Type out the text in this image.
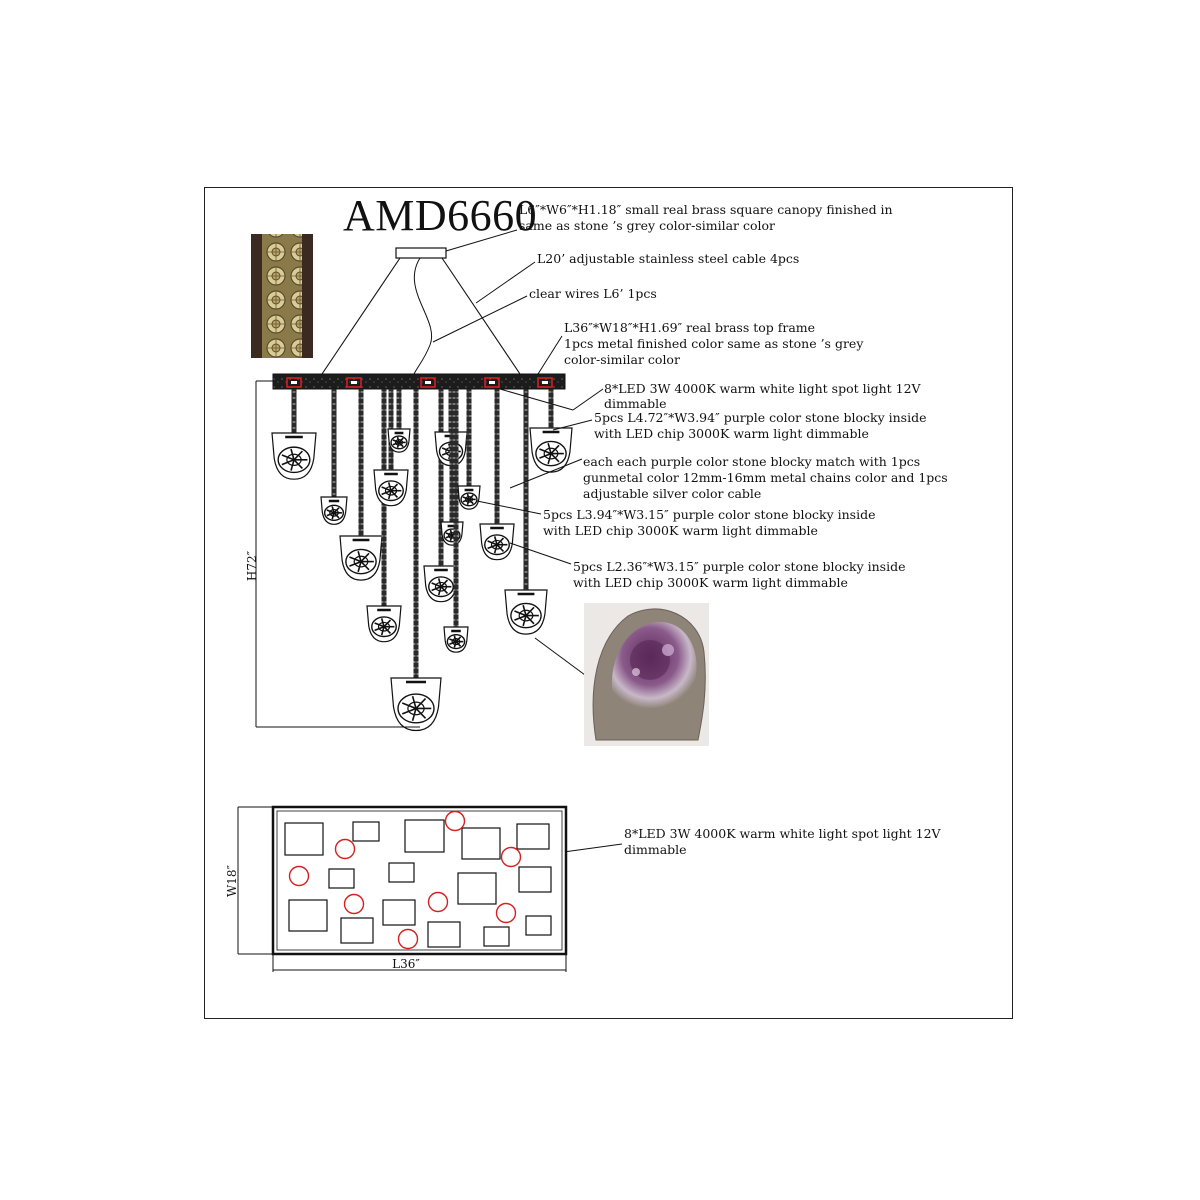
AMD6660
L6″*W6″*H1.18″ small real brass square canopy finished in
same as stone ’s grey color-similar color
L20’ adjustable stainless steel cable 4pcs
clear wires L6’ 1pcs
L36″*W18″*H1.69″ real brass top frame
1pcs metal finished color same as stone ’s grey
color-similar color
8*LED 3W 4000K warm white light spot light 12V
dimmable
5pcs L4.72″*W3.94″ purple color stone blocky inside
with LED chip 3000K warm light dimmable
each each purple color stone blocky match with 1pcs
gunmetal color 12mm-16mm metal chains color and 1pcs
adjustable silver color cable
5pcs L3.94″*W3.15″ purple color stone blocky inside
with LED chip 3000K warm light dimmable
5pcs L2.36″*W3.15″ purple color stone blocky inside
with LED chip 3000K warm light dimmable
8*LED 3W 4000K warm white light spot light 12V
dimmable
H72″
W18″
L36″
